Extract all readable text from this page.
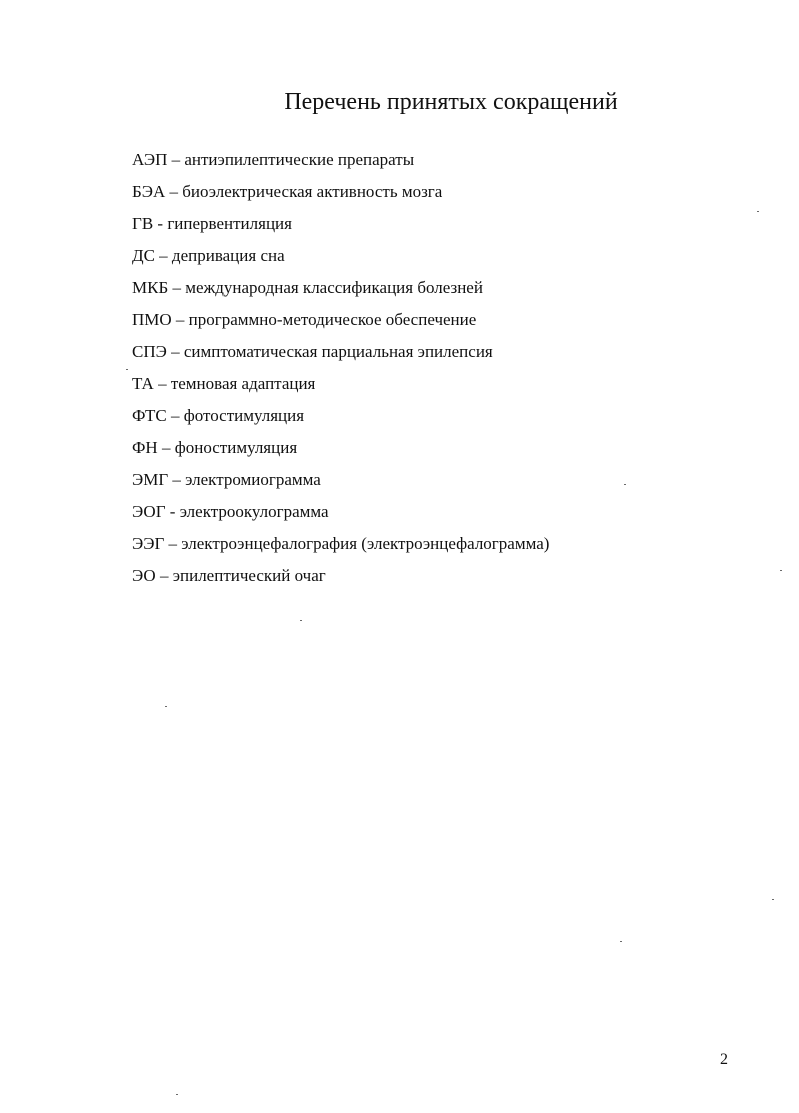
Перечень принятых сокращений
АЭП – антиэпилептические препараты
БЭА – биоэлектрическая активность мозга
ГВ - гипервентиляция
ДС – депривация сна
МКБ – международная классификация болезней
ПМО – программно-методическое обеспечение
СПЭ – симптоматическая парциальная эпилепсия
ТА – темновая адаптация
ФТС – фотостимуляция
ФН – фоностимуляция
ЭМГ – электромиограмма
ЭОГ - электроокулограмма
ЭЭГ – электроэнцефалография (электроэнцефалограмма)
ЭО – эпилептический очаг
2
